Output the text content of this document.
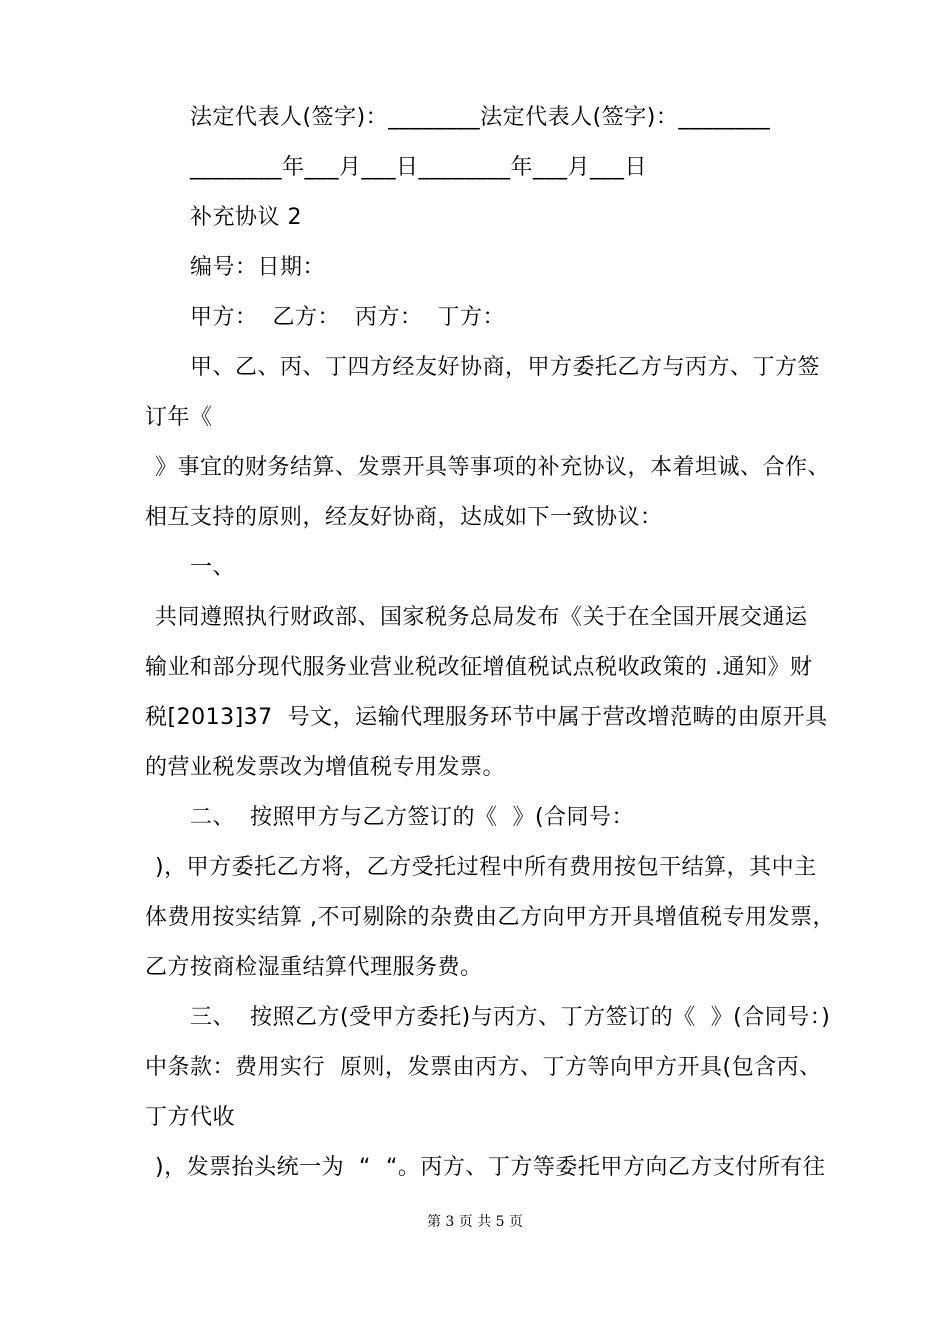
法定代表人(签字)：________法定代表人(签字)：________
________年___月___日________年___月___日
补充协议 2
编号：日期：
甲方：  乙方：  丙方：  丁方：
甲、乙、丙、丁四方经友好协商，甲方委托乙方与丙方、丁方签
订年《
》事宜的财务结算、发票开具等事项的补充协议，本着坦诚、合作、
相互支持的原则，经友好协商，达成如下一致协议：
一、
共同遵照执行财政部、国家税务总局发布《关于在全国开展交通运
输业和部分现代服务业营业税改征增值税试点税收政策的 .通知》财
税[2013]37  号文，运输代理服务环节中属于营改增范畴的由原开具
的营业税发票改为增值税专用发票。
二、  按照甲方与乙方签订的《  》(合同号：
)，甲方委托乙方将，乙方受托过程中所有费用按包干结算，其中主
体费用按实结算 ,不可剔除的杂费由乙方向甲方开具增值税专用发票，
乙方按商检湿重结算代理服务费。
三、  按照乙方(受甲方委托)与丙方、丁方签订的《  》(合同号：)
中条款：费用实行  原则，发票由丙方、丁方等向甲方开具(包含丙、
丁方代收
)，发票抬头统一为  “  “。丙方、丁方等委托甲方向乙方支付所有往
第 3 页 共 5 页
